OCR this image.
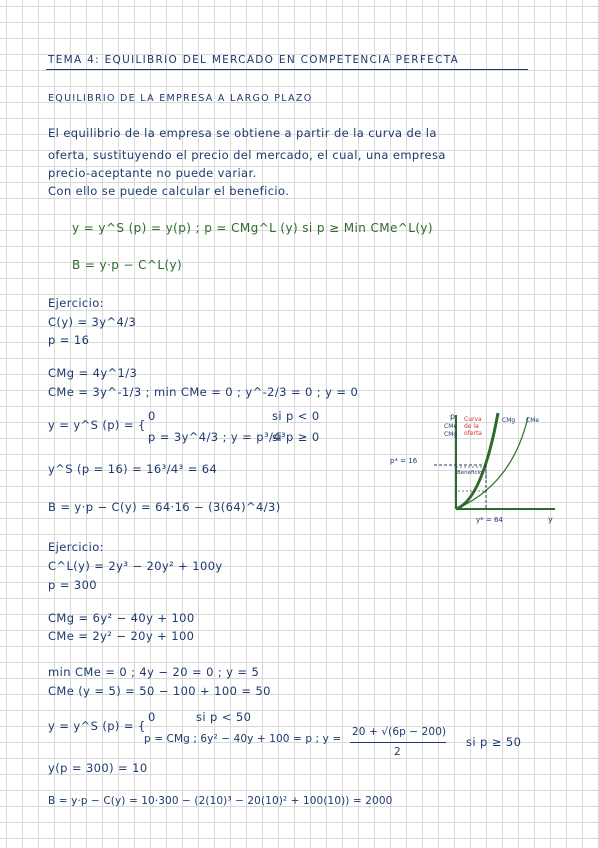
TEMA 4: EQUILIBRIO DEL MERCADO EN COMPETENCIA PERFECTA
EQUILIBRIO DE LA EMPRESA A LARGO PLAZO
El equilibrio de la empresa se obtiene a partir de la curva de la
oferta, sustituyendo el precio del mercado, el cual, una empresa
precio-aceptante no puede variar.
Con ello se puede calcular el beneficio.
y = y^S (p) = y(p) ; p = CMg^L (y) si p ≥ Min CMe^L(y)
B = y·p − C^L(y)
Ejercicio:
C(y) = 3y^4/3
p = 16
CMg = 4y^1/3
CMe = 3y^-1/3 ; min CMe = 0 ; y^-2/3 = 0 ; y = 0
y = y^S (p) = {
0	si p < 0
p = 3y^4/3 ; y = p³/4³
si p ≥ 0
y^S (p = 16) = 16³/4³ = 64
B = y·p − C(y) = 64·16 − (3(64)^4/3)
p
CMe
CMg
Curva de la oferta
CMg CMe
p* = 16
Beneficio
y* = 64	y
Ejercicio:
C^L(y) = 2y³ − 20y² + 100y
p = 300
CMg = 6y² − 40y + 100
CMe = 2y² − 20y + 100
min CMe = 0 ; 4y − 20 = 0 ; y = 5
CMe (y = 5) = 50 − 100 + 100 = 50
y = y^S (p) = {
0	si p < 50
p = CMg ; 6y² − 40y + 100 = p ; y =
20 + √(6p − 200)
2
si p ≥ 50
y(p = 300) = 10
B = y·p − C(y) = 10·300 − (2(10)³ − 20(10)² + 100(10)) = 2000
